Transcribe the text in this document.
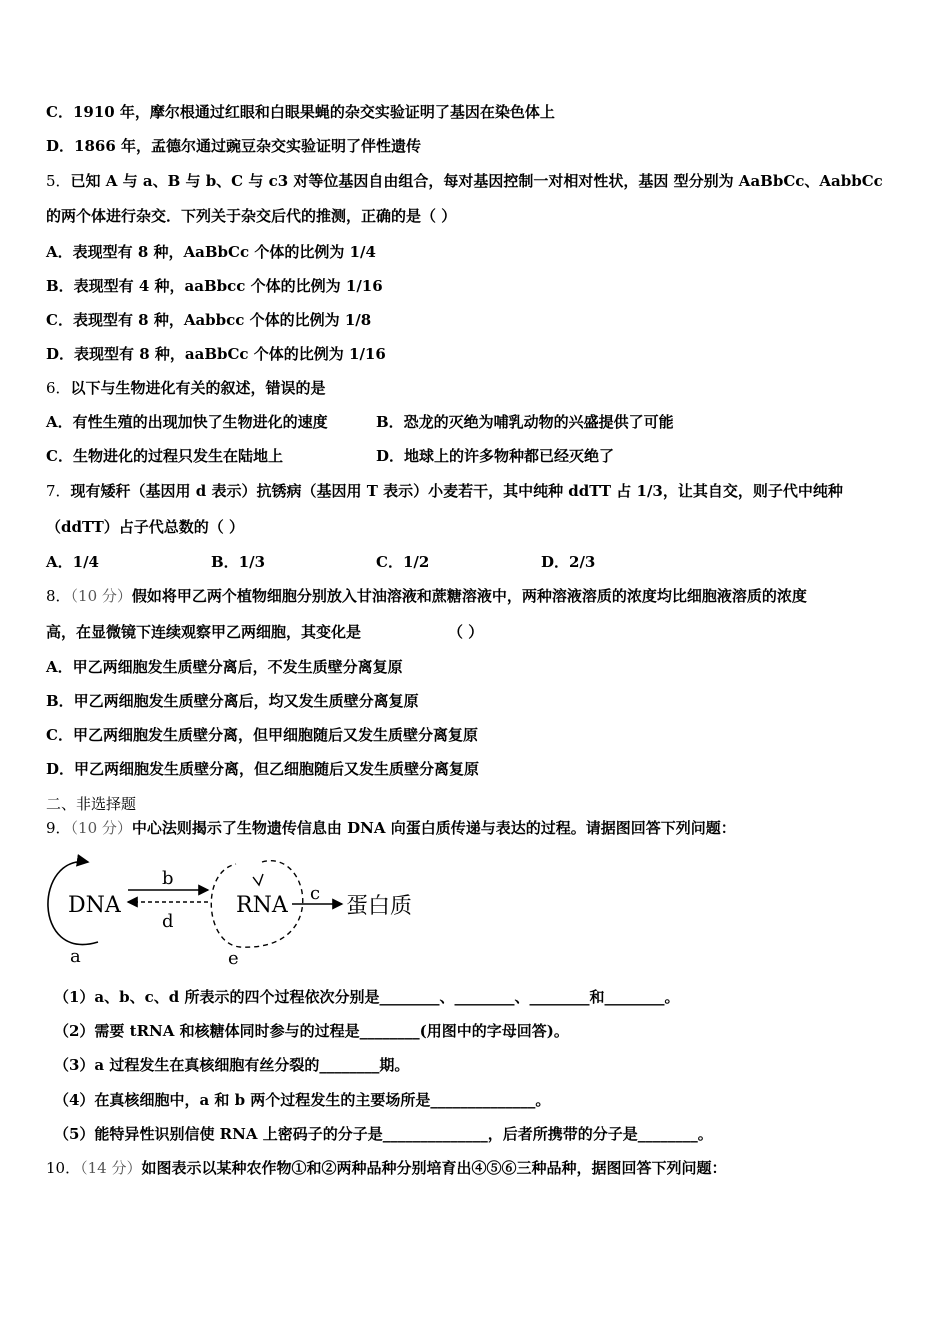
C．1910 年，摩尔根通过红眼和白眼果蝇的杂交实验证明了基因在染色体上
D．1866 年，孟德尔通过豌豆杂交实验证明了伴性遗传
5．已知 A 与 a、B 与 b、C 与 c3 对等位基因自由组合，每对基因控制一对相对性状，基因 型分别为 AaBbCc、AabbCc
的两个体进行杂交．下列关于杂交后代的推测，正确的是（ ）
A．表现型有 8 种，AaBbCc 个体的比例为 1/4
B．表现型有 4 种，aaBbcc 个体的比例为 1/16
C．表现型有 8 种，Aabbcc 个体的比例为 1/8
D．表现型有 8 种，aaBbCc 个体的比例为 1/16
6．以下与生物进化有关的叙述，错误的是
A．有性生殖的出现加快了生物进化的速度	B．恐龙的灭绝为哺乳动物的兴盛提供了可能
C．生物进化的过程只发生在陆地上	D．地球上的许多物种都已经灭绝了
7．现有矮秆（基因用 d 表示）抗锈病（基因用 T 表示）小麦若干，其中纯种 ddTT 占 1/3，让其自交，则子代中纯种
（ddTT）占子代总数的（ ）
A．1/4	B．1/3	C．1/2	D．2/3
8．（10 分）假如将甲乙两个植物细胞分别放入甘油溶液和蔗糖溶液中，两种溶液溶质的浓度均比细胞液溶质的浓度
高，在显微镜下连续观察甲乙两细胞，其变化是	（ ）
A．甲乙两细胞发生质壁分离后，不发生质壁分离复原
B．甲乙两细胞发生质壁分离后，均又发生质壁分离复原
C．甲乙两细胞发生质壁分离，但甲细胞随后又发生质壁分离复原
D．甲乙两细胞发生质壁分离，但乙细胞随后又发生质壁分离复原
二、非选择题
9．（10 分）中心法则揭示了生物遗传信息由 DNA 向蛋白质传递与表达的过程。请据图回答下列问题：
DNA
a
b
d
RNA
e
c
蛋白质
（1）a、b、c、d 所表示的四个过程依次分别是________、________、________和________。
（2）需要 tRNA 和核糖体同时参与的过程是________(用图中的字母回答)。
（3）a 过程发生在真核细胞有丝分裂的________期。
（4）在真核细胞中，a 和 b 两个过程发生的主要场所是______________。
（5）能特异性识别信使 RNA 上密码子的分子是______________，后者所携带的分子是________。
10．（14 分）如图表示以某种农作物①和②两种品种分别培育出④⑤⑥三种品种，据图回答下列问题：
